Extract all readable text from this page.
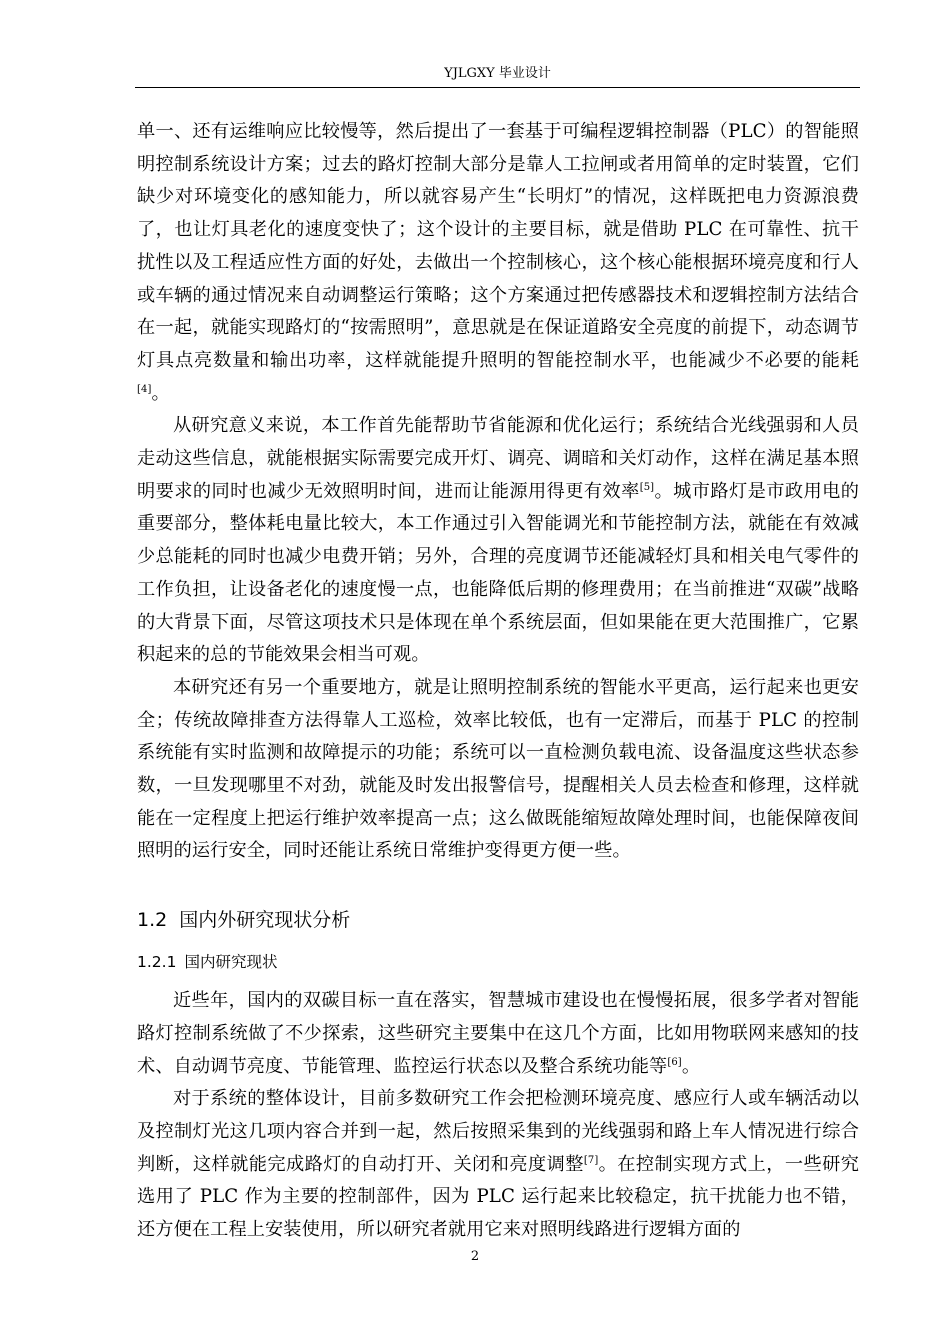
YJLGXY 毕业设计

单一、还有运维响应比较慢等，然后提出了一套基于可编程逻辑控制器（PLC）的智能照明控制系统设计方案；过去的路灯控制大部分是靠人工拉闸或者用简单的定时装置，它们缺少对环境变化的感知能力，所以就容易产生“长明灯”的情况，这样既把电力资源浪费了，也让灯具老化的速度变快了；这个设计的主要目标，就是借助 PLC 在可靠性、抗干扰性以及工程适应性方面的好处，去做出一个控制核心，这个核心能根据环境亮度和行人或车辆的通过情况来自动调整运行策略；这个方案通过把传感器技术和逻辑控制方法结合在一起，就能实现路灯的“按需照明”，意思就是在保证道路安全亮度的前提下，动态调节灯具点亮数量和输出功率，这样就能提升照明的智能控制水平，也能减少不必要的能耗[4]。

从研究意义来说，本工作首先能帮助节省能源和优化运行；系统结合光线强弱和人员走动这些信息，就能根据实际需要完成开灯、调亮、调暗和关灯动作，这样在满足基本照明要求的同时也减少无效照明时间，进而让能源用得更有效率[5]。城市路灯是市政用电的重要部分，整体耗电量比较大，本工作通过引入智能调光和节能控制方法，就能在有效减少总能耗的同时也减少电费开销；另外，合理的亮度调节还能减轻灯具和相关电气零件的工作负担，让设备老化的速度慢一点，也能降低后期的修理费用；在当前推进“双碳”战略的大背景下面，尽管这项技术只是体现在单个系统层面，但如果能在更大范围推广，它累积起来的总的节能效果会相当可观。

本研究还有另一个重要地方，就是让照明控制系统的智能水平更高，运行起来也更安全；传统故障排查方法得靠人工巡检，效率比较低，也有一定滞后，而基于 PLC 的控制系统能有实时监测和故障提示的功能；系统可以一直检测负载电流、设备温度这些状态参数，一旦发现哪里不对劲，就能及时发出报警信号，提醒相关人员去检查和修理，这样就能在一定程度上把运行维护效率提高一点；这么做既能缩短故障处理时间，也能保障夜间照明的运行安全，同时还能让系统日常维护变得更方便一些。

1.2 国内外研究现状分析
1.2.1 国内研究现状

近些年，国内的双碳目标一直在落实，智慧城市建设也在慢慢拓展，很多学者对智能路灯控制系统做了不少探索，这些研究主要集中在这几个方面，比如用物联网来感知的技术、自动调节亮度、节能管理、监控运行状态以及整合系统功能等[6]。

对于系统的整体设计，目前多数研究工作会把检测环境亮度、感应行人或车辆活动以及控制灯光这几项内容合并到一起，然后按照采集到的光线强弱和路上车人情况进行综合判断，这样就能完成路灯的自动打开、关闭和亮度调整[7]。在控制实现方式上，一些研究选用了 PLC 作为主要的控制部件，因为 PLC 运行起来比较稳定，抗干扰能力也不错，还方便在工程上安装使用，所以研究者就用它来对照明线路进行逻辑方面的

2
